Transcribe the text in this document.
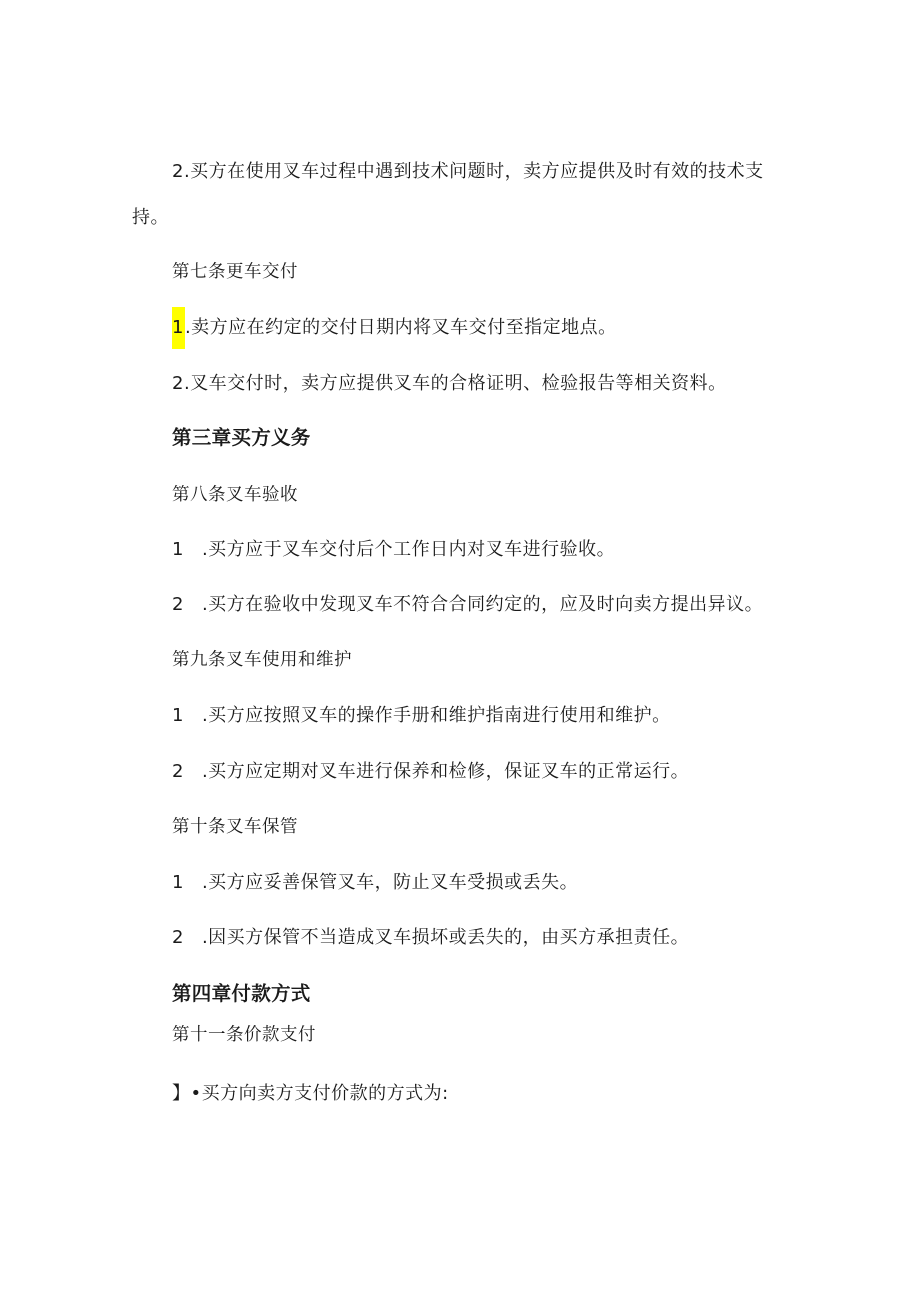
2.买方在使用叉车过程中遇到技术问题时，卖方应提供及时有效的技术支
持。
第七条更车交付
1.卖方应在约定的交付日期内将叉车交付至指定地点。
2.叉车交付时，卖方应提供叉车的合格证明、检验报告等相关资料。
第三章买方义务
第八条叉车验收
1 .买方应于叉车交付后个工作日内对叉车进行验收。
2 .买方在验收中发现叉车不符合合同约定的，应及时向卖方提出异议。
第九条叉车使用和维护
1 .买方应按照叉车的操作手册和维护指南进行使用和维护。
2 .买方应定期对叉车进行保养和检修，保证叉车的正常运行。
第十条叉车保管
1 .买方应妥善保管叉车，防止叉车受损或丢失。
2 .因买方保管不当造成叉车损坏或丢失的，由买方承担责任。
第四章付款方式
第十一条价款支付
】•买方向卖方支付价款的方式为:
